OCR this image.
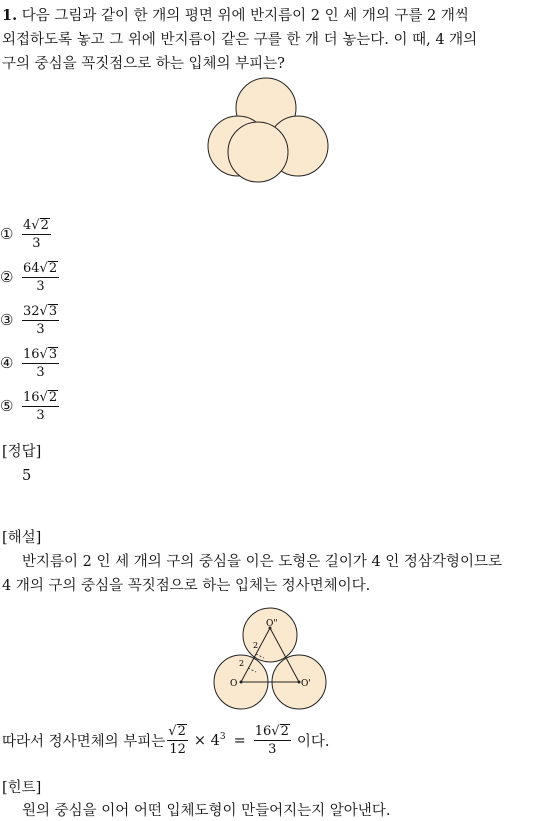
1. 다음 그림과 같이 한 개의 평면 위에 반지름이 2 인 세 개의 구를 2 개씩
외접하도록 놓고 그 위에 반지름이 같은 구를 한 개 더 놓는다. 이 때, 4 개의
구의 중심을 꼭짓점으로 하는 입체의 부피는?
① $\frac{4√2}{3}$
② $\frac{64√2}{3}$
③ $\frac{32√3}{3}$
④ $\frac{16√3}{3}$
⑤ $\frac{16√2}{3}$
[정답]
5
[해설]
반지름이 2 인 세 개의 구의 중심을 이은 도형은 길이가 4 인 정삼각형이므로
4 개의 구의 중심을 꼭짓점으로 하는 입체는 정사면체이다.
O"
O	O'
2
2
따라서 정사면체의 부피는 $\frac{√2}{12} \times 4^3 = \frac{16√2}{3}$ 이다.
[힌트]
원의 중심을 이어 어떤 입체도형이 만들어지는지 알아낸다.
